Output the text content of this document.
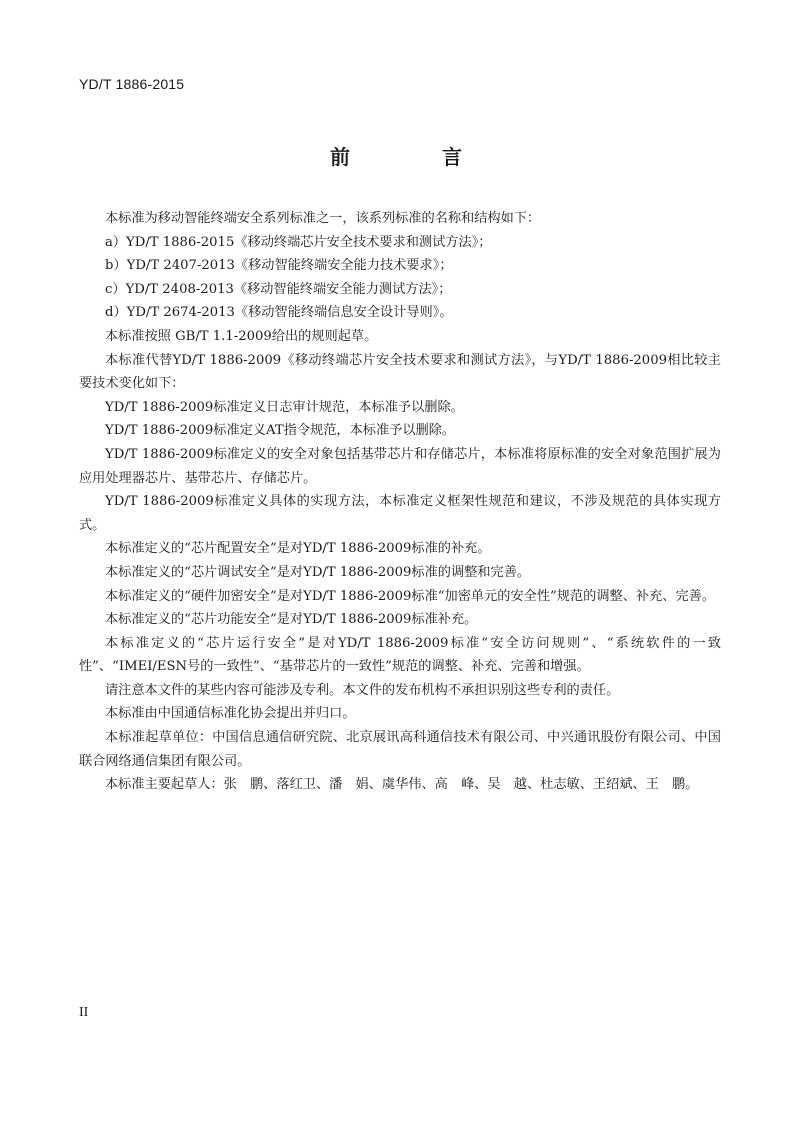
YD/T 1886-2015
前　言

本标准为移动智能终端安全系列标准之一，该系列标准的名称和结构如下：

a）YD/T 1886-2015《移动终端芯片安全技术要求和测试方法》；

b）YD/T 2407-2013《移动智能终端安全能力技术要求》；

c）YD/T 2408-2013《移动智能终端安全能力测试方法》；

d）YD/T 2674-2013《移动智能终端信息安全设计导则》。

本标准按照 GB/T 1.1-2009给出的规则起草。

本标准代替YD/T 1886-2009《移动终端芯片安全技术要求和测试方法》，与YD/T 1886-2009相比较主要技术变化如下：

YD/T 1886-2009标准定义日志审计规范，本标准予以删除。

YD/T 1886-2009标准定义AT指令规范，本标准予以删除。

YD/T 1886-2009标准定义的安全对象包括基带芯片和存储芯片，本标准将原标准的安全对象范围扩展为应用处理器芯片、基带芯片、存储芯片。

YD/T 1886-2009标准定义具体的实现方法，本标准定义框架性规范和建议，不涉及规范的具体实现方式。

本标准定义的“芯片配置安全”是对YD/T 1886-2009标准的补充。

本标准定义的“芯片调试安全”是对YD/T 1886-2009标准的调整和完善。

本标准定义的“硬件加密安全”是对YD/T 1886-2009标准“加密单元的安全性”规范的调整、补充、完善。

本标准定义的“芯片功能安全”是对YD/T 1886-2009标准补充。

本标准定义的“芯片运行安全”是对YD/T 1886-2009标准“安全访问规则”、“系统软件的一致性”、“IMEI/ESN号的一致性”、“基带芯片的一致性”规范的调整、补充、完善和增强。

请注意本文件的某些内容可能涉及专利。本文件的发布机构不承担识别这些专利的责任。

本标准由中国通信标准化协会提出并归口。

本标准起草单位：中国信息通信研究院、北京展讯高科通信技术有限公司、中兴通讯股份有限公司、中国联合网络通信集团有限公司。

本标准主要起草人：张　鹏、落红卫、潘　娟、虞华伟、高　峰、吴　越、杜志敏、王绍斌、王　鹏。

II
